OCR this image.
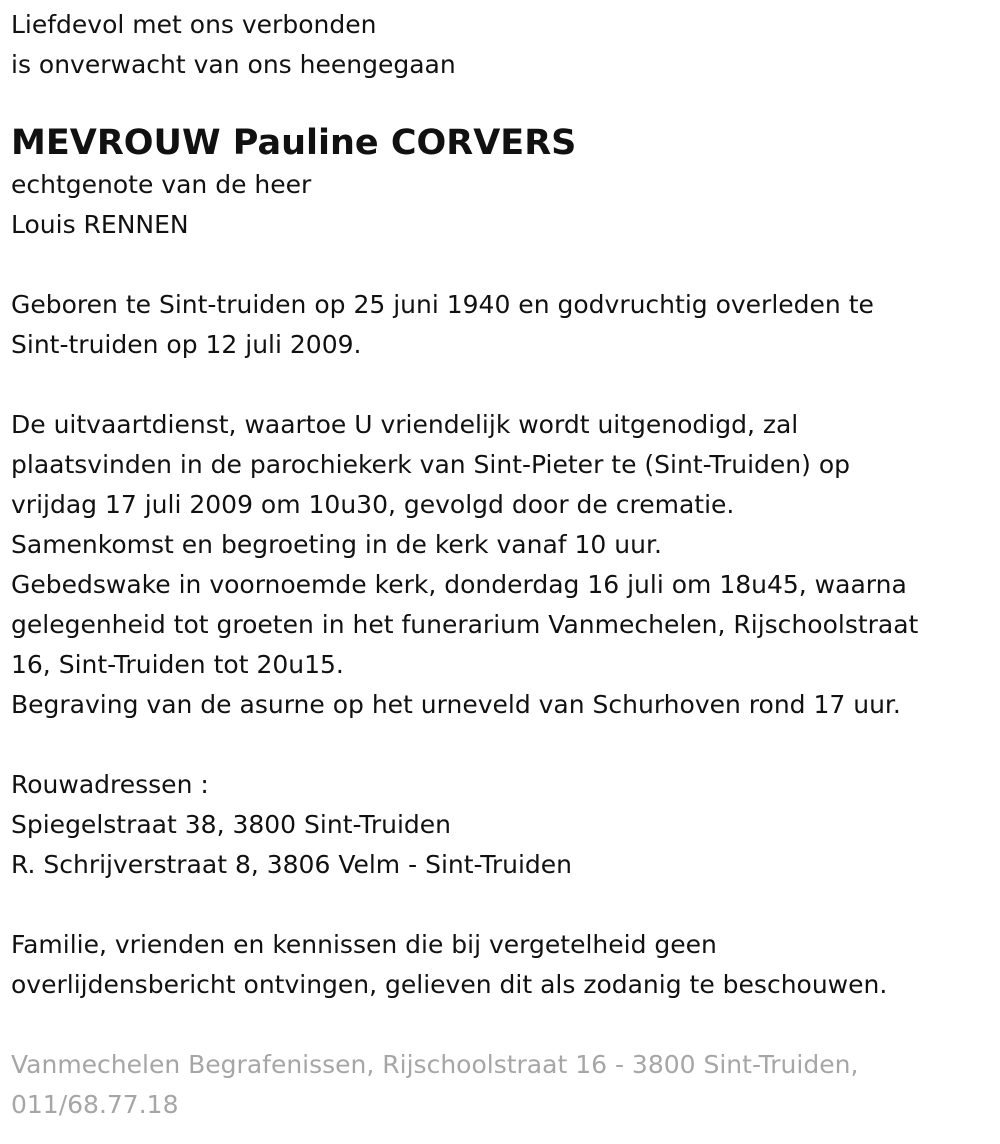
Liefdevol met ons verbonden

is onverwacht van ons heengegaan

MEVROUW Pauline CORVERS

echtgenote van de heer

Louis RENNEN

Geboren te Sint-truiden op 25 juni 1940 en godvruchtig overleden te

Sint-truiden op 12 juli 2009.

De uitvaartdienst, waartoe U vriendelijk wordt uitgenodigd, zal

plaatsvinden in de parochiekerk van Sint-Pieter te (Sint-Truiden) op

vrijdag 17 juli 2009 om 10u30, gevolgd door de crematie.

Samenkomst en begroeting in de kerk vanaf 10 uur.

Gebedswake in voornoemde kerk, donderdag 16 juli om 18u45, waarna

gelegenheid tot groeten in het funerarium Vanmechelen, Rijschoolstraat

16, Sint-Truiden tot 20u15.

Begraving van de asurne op het urneveld van Schurhoven rond 17 uur.

Rouwadressen :

Spiegelstraat 38, 3800 Sint-Truiden

R. Schrijverstraat 8, 3806 Velm - Sint-Truiden

Familie, vrienden en kennissen die bij vergetelheid geen

overlijdensbericht ontvingen, gelieven dit als zodanig te beschouwen.

Vanmechelen Begrafenissen, Rijschoolstraat 16 - 3800 Sint-Truiden,

011/68.77.18
